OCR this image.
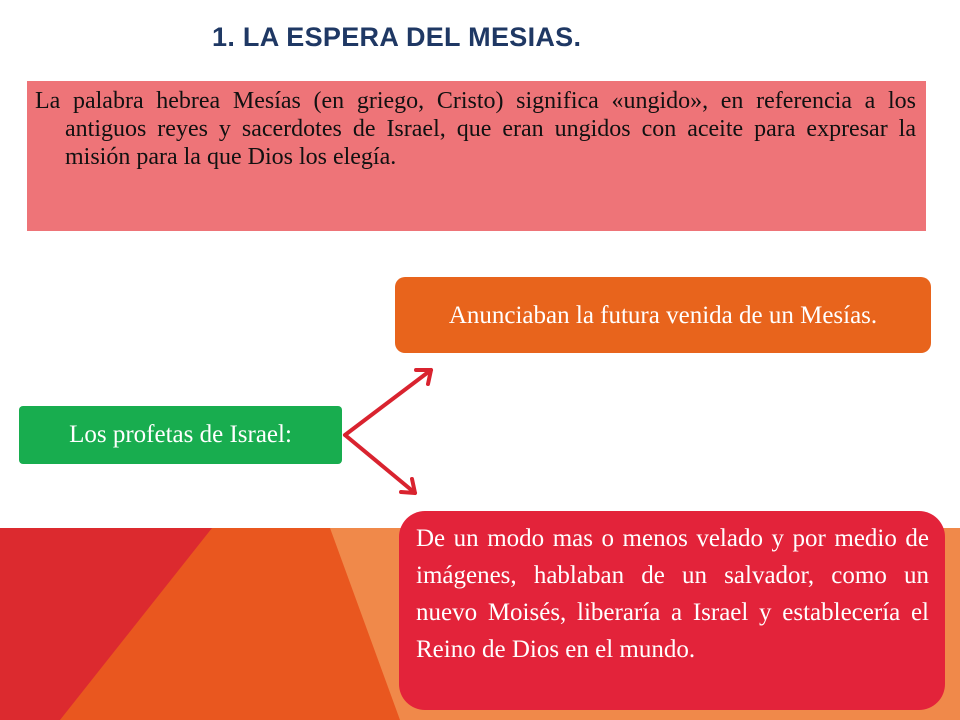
1. LA ESPERA DEL MESIAS.

La palabra hebrea Mesías (en griego, Cristo) significa «ungido», en referencia a los antiguos reyes y sacerdotes de Israel, que eran ungidos con aceite para expresar la misión para la que Dios los elegía.

Anunciaban la futura venida de un Mesías.
Los profetas de Israel:
De un modo mas o menos velado y por medio de imágenes, hablaban de un salvador, como un nuevo Moisés, liberaría a Israel y establecería el Reino de Dios en el mundo.
